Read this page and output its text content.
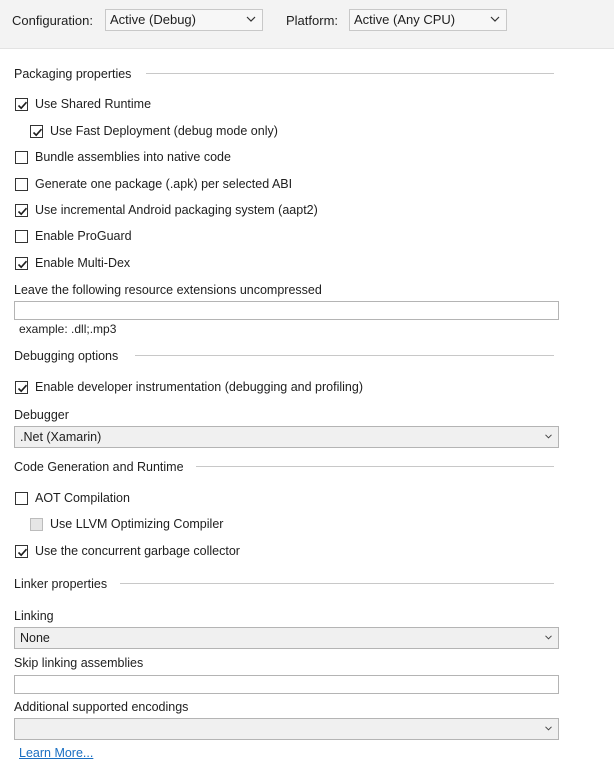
Configuration:	Active (Debug)	Platform:	Active (Any CPU)
Packaging properties
Use Shared Runtime
Use Fast Deployment (debug mode only)
Bundle assemblies into native code
Generate one package (.apk) per selected ABI
Use incremental Android packaging system (aapt2)
Enable ProGuard
Enable Multi-Dex
Leave the following resource extensions uncompressed
example: .dll;.mp3
Debugging options
Enable developer instrumentation (debugging and profiling)
Debugger
.Net (Xamarin)
Code Generation and Runtime
AOT Compilation
Use LLVM Optimizing Compiler
Use the concurrent garbage collector
Linker properties
Linking
None
Skip linking assemblies
Additional supported encodings
Learn More...
